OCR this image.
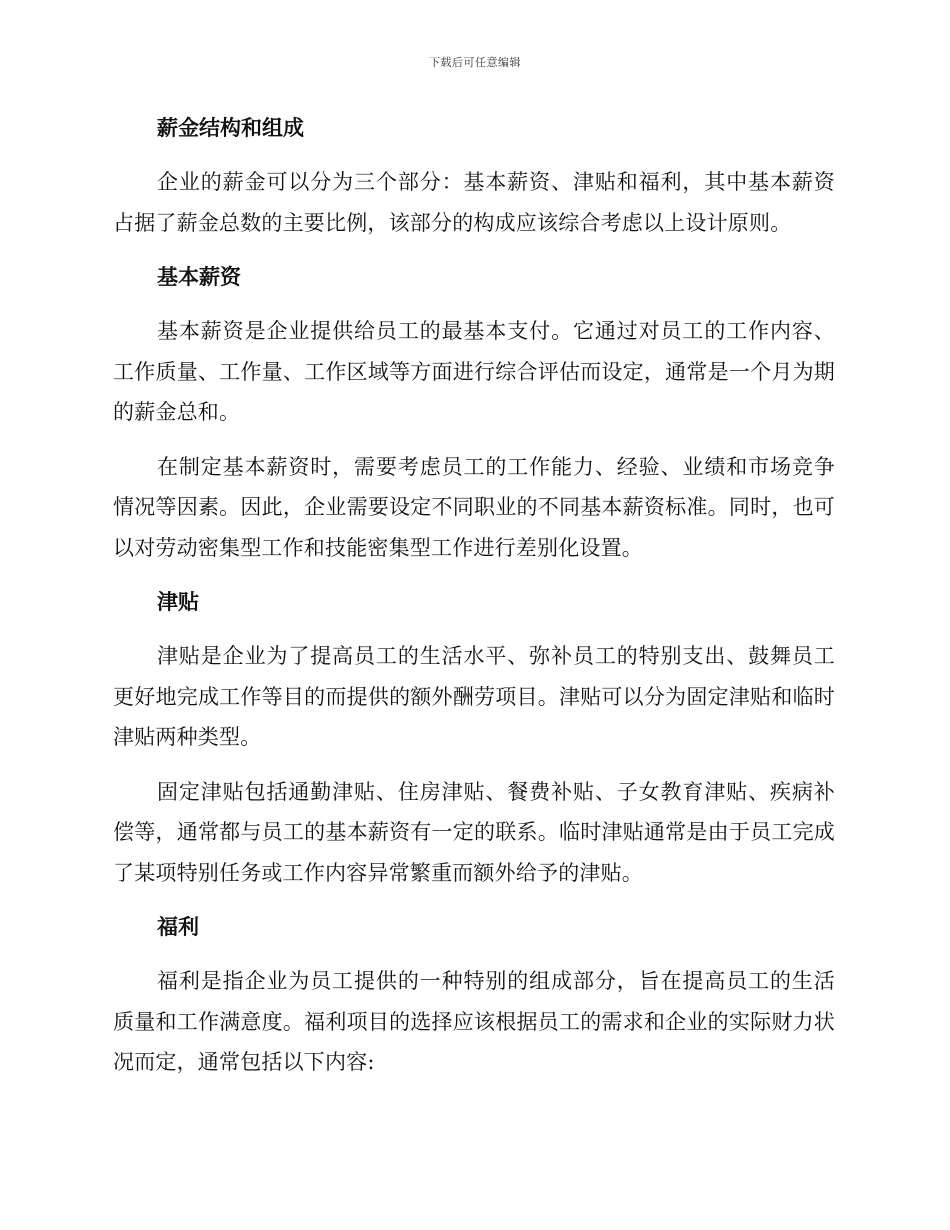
下载后可任意编辑
薪金结构和组成

企业的薪金可以分为三个部分：基本薪资、津贴和福利，其中基本薪资占据了薪金总数的主要比例，该部分的构成应该综合考虑以上设计原则。

基本薪资

基本薪资是企业提供给员工的最基本支付。它通过对员工的工作内容、工作质量、工作量、工作区域等方面进行综合评估而设定，通常是一个月为期的薪金总和。

在制定基本薪资时，需要考虑员工的工作能力、经验、业绩和市场竞争情况等因素。因此，企业需要设定不同职业的不同基本薪资标准。同时，也可以对劳动密集型工作和技能密集型工作进行差别化设置。

津贴

津贴是企业为了提高员工的生活水平、弥补员工的特别支出、鼓舞员工更好地完成工作等目的而提供的额外酬劳项目。津贴可以分为固定津贴和临时津贴两种类型。

固定津贴包括通勤津贴、住房津贴、餐费补贴、子女教育津贴、疾病补偿等，通常都与员工的基本薪资有一定的联系。临时津贴通常是由于员工完成了某项特别任务或工作内容异常繁重而额外给予的津贴。

福利

福利是指企业为员工提供的一种特别的组成部分，旨在提高员工的生活质量和工作满意度。福利项目的选择应该根据员工的需求和企业的实际财力状况而定，通常包括以下内容:
